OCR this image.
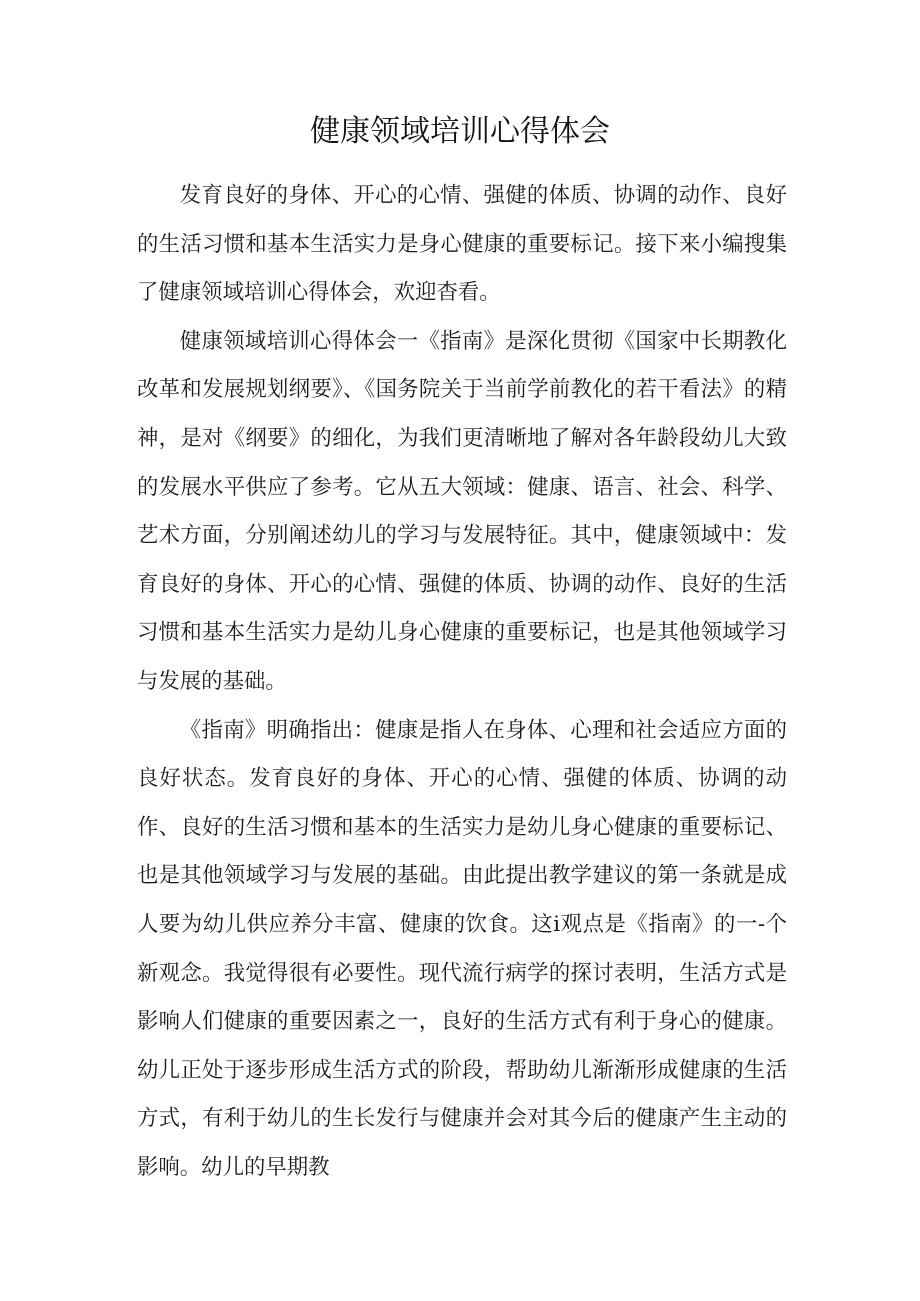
健康领域培训心得体会

发育良好的身体、开心的心情、强健的体质、协调的动作、良好的生活习惯和基本生活实力是身心健康的重要标记。接下来小编搜集了健康领域培训心得体会，欢迎杳看。

健康领域培训心得体会一《指南》是深化贯彻《国家中长期教化改革和发展规划纲要》、《国务院关于当前学前教化的若干看法》的精神，是对《纲要》的细化，为我们更清晰地了解对各年龄段幼儿大致的发展水平供应了参考。它从五大领域：健康、语言、社会、科学、艺术方面，分别阐述幼儿的学习与发展特征。其中，健康领域中：发育良好的身体、开心的心情、强健的体质、协调的动作、良好的生活习惯和基本生活实力是幼儿身心健康的重要标记，也是其他领域学习与发展的基础。

《指南》明确指出：健康是指人在身体、心理和社会适应方面的良好状态。发育良好的身体、开心的心情、强健的体质、协调的动作、良好的生活习惯和基本的生活实力是幼儿身心健康的重要标记、也是其他领域学习与发展的基础。由此提出教学建议的第一条就是成人要为幼儿供应养分丰富、健康的饮食。这i观点是《指南》的一-个新观念。我觉得很有必要性。现代流行病学的探讨表明，生活方式是影响人们健康的重要因素之一，良好的生活方式有利于身心的健康。幼儿正处于逐步形成生活方式的阶段，帮助幼儿渐渐形成健康的生活方式，有利于幼儿的生长发行与健康并会对其今后的健康产生主动的影响。幼儿的早期教
